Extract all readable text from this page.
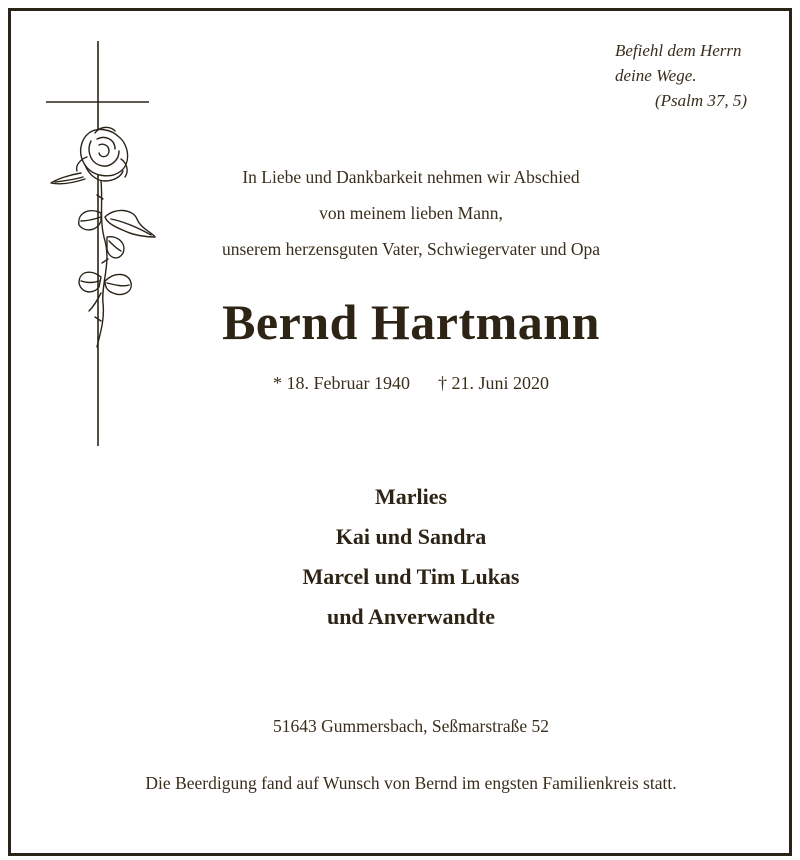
Befiehl dem Herrn
deine Wege.
(Psalm 37, 5)
In Liebe und Dankbarkeit nehmen wir Abschied
von meinem lieben Mann,
unserem herzensguten Vater, Schwiegervater und Opa
Bernd Hartmann
* 18. Februar 1940 † 21. Juni 2020
Marlies
Kai und Sandra
Marcel und Tim Lukas
und Anverwandte
51643 Gummersbach, Seßmarstraße 52
Die Beerdigung fand auf Wunsch von Bernd im engsten Familienkreis statt.
